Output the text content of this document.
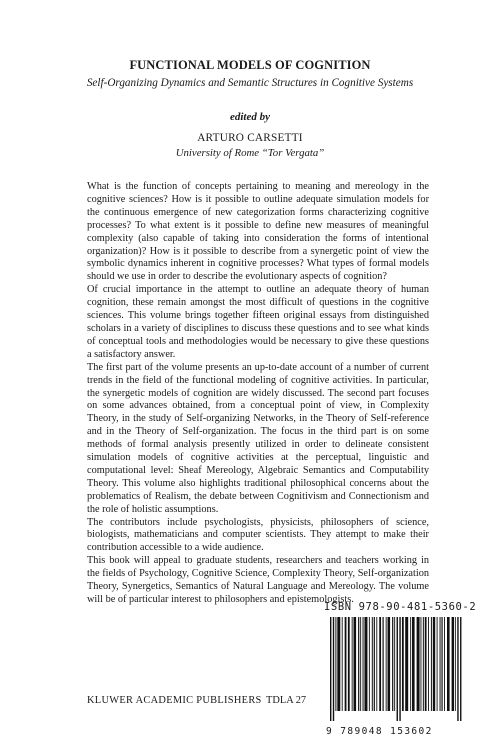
FUNCTIONAL MODELS OF COGNITION
Self-Organizing Dynamics and Semantic Structures in Cognitive Systems
edited by
ARTURO CARSETTI
University of Rome “Tor Vergata”

What is the function of concepts pertaining to meaning and mereology in the cognitive sciences? How is it possible to outline adequate simulation models for the continuous emergence of new categorization forms characterizing cognitive processes? To what extent is it possible to define new measures of meaningful complexity (also capable of taking into consideration the forms of intentional organization)? How is it possible to describe from a synergetic point of view the symbolic dynamics inherent in cognitive processes? What types of formal models should we use in order to describe the evolutionary aspects of cognition?

Of crucial importance in the attempt to outline an adequate theory of human cognition, these remain amongst the most difficult of questions in the cognitive sciences. This volume brings together fifteen original essays from distinguished scholars in a variety of disciplines to discuss these questions and to see what kinds of conceptual tools and methodologies would be necessary to give these questions a satisfactory answer.

The first part of the volume presents an up-to-date account of a number of current trends in the field of the functional modeling of cognitive activities. In particular, the synergetic models of cognition are widely discussed. The second part focuses on some advances obtained, from a conceptual point of view, in Complexity Theory, in the study of Self-organizing Networks, in the Theory of Self-reference and in the Theory of Self-organization. The focus in the third part is on some methods of formal analysis presently utilized in order to delineate consistent simulation models of cognitive activities at the perceptual, linguistic and computational level: Sheaf Mereology, Algebraic Semantics and Computability Theory. This volume also highlights traditional philosophical concerns about the problematics of Realism, the debate between Cognitivism and Connectionism and the role of holistic assumptions.

The contributors include psychologists, physicists, philosophers of science, biologists, mathematicians and computer scientists. They attempt to make their contribution accessible to a wide audience.

This book will appeal to graduate students, researchers and teachers working in the fields of Psychology, Cognitive Science, Complexity Theory, Self-organization Theory, Synergetics, Semantics of Natural Language and Mereology. The volume will be of particular interest to philosophers and epistemologists.

ISBN 978-90-481-5360-2
9 789048 153602
KLUWER ACADEMIC PUBLISHERS TDLA 27
